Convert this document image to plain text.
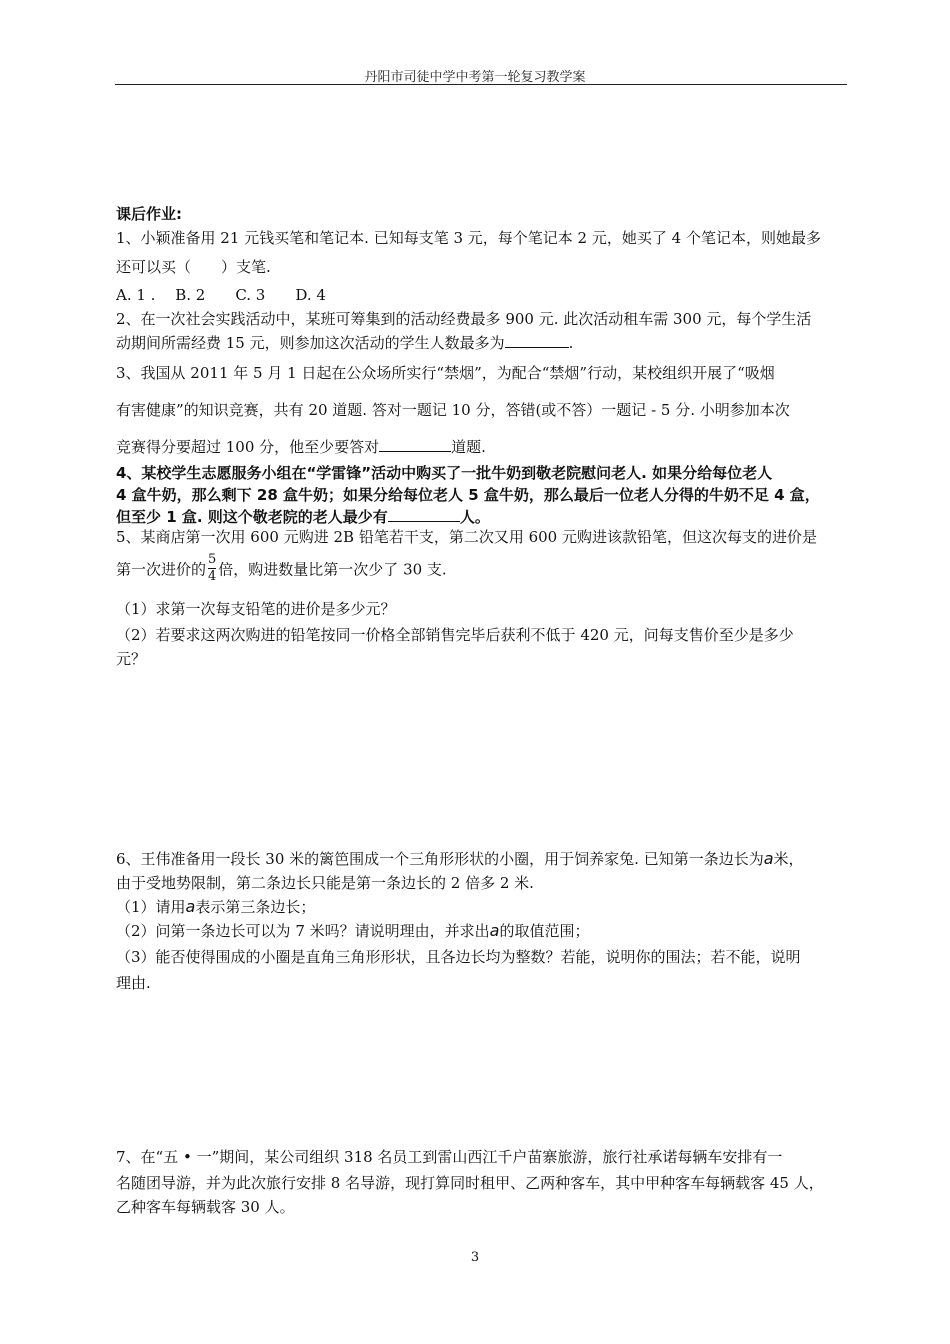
丹阳市司徒中学中考第一轮复习教学案
课后作业:
1、小颖准备用 21 元钱买笔和笔记本. 已知每支笔 3 元，每个笔记本 2 元，她买了 4 个笔记本，则她最多
还可以买（　　）支笔.
A. 1 .　 B. 2　　C. 3　　D. 4
2、在一次社会实践活动中，某班可筹集到的活动经费最多 900 元. 此次活动租车需 300 元，每个学生活
动期间所需经费 15 元，则参加这次活动的学生人数最多为	.
3、我国从 2011 年 5 月 1 日起在公众场所实行“禁烟”，为配合“禁烟”行动，某校组织开展了“吸烟
有害健康”的知识竞赛，共有 20 道题. 答对一题记 10 分，答错(或不答）一题记 - 5 分. 小明参加本次
竞赛得分要超过 100 分，他至少要答对	道题.
4、某校学生志愿服务小组在“学雷锋”活动中购买了一批牛奶到敬老院慰问老人. 如果分给每位老人
4 盒牛奶，那么剩下 28 盒牛奶；如果分给每位老人 5 盒牛奶，那么最后一位老人分得的牛奶不足 4 盒，
但至少 1 盒. 则这个敬老院的老人最少有	人。
5、某商店第一次用 600 元购进 2B 铅笔若干支，第二次又用 600 元购进该款铅笔，但这次每支的进价是
第一次进价的 $\frac{5}{4}$ 倍，购进数量比第一次少了 30 支.
（1）求第一次每支铅笔的进价是多少元？
（2）若要求这两次购进的铅笔按同一价格全部销售完毕后获利不低于 420 元，问每支售价至少是多少
元？
6、王伟准备用一段长 30 米的篱笆围成一个三角形形状的小圈，用于饲养家兔. 已知第一条边长为a米，
由于受地势限制，第二条边长只能是第一条边长的 2 倍多 2 米.
（1）请用a表示第三条边长；
（2）问第一条边长可以为 7 米吗？请说明理由，并求出a的取值范围；
（3）能否使得围成的小圈是直角三角形形状，且各边长均为整数？若能，说明你的围法；若不能，说明
理由.
7、在“五 • 一”期间，某公司组织 318 名员工到雷山西江千户苗寨旅游，旅行社承诺每辆车安排有一
名随团导游，并为此次旅行安排 8 名导游，现打算同时租甲、乙两种客车，其中甲种客车每辆载客 45 人，
乙种客车每辆载客 30 人。
3
